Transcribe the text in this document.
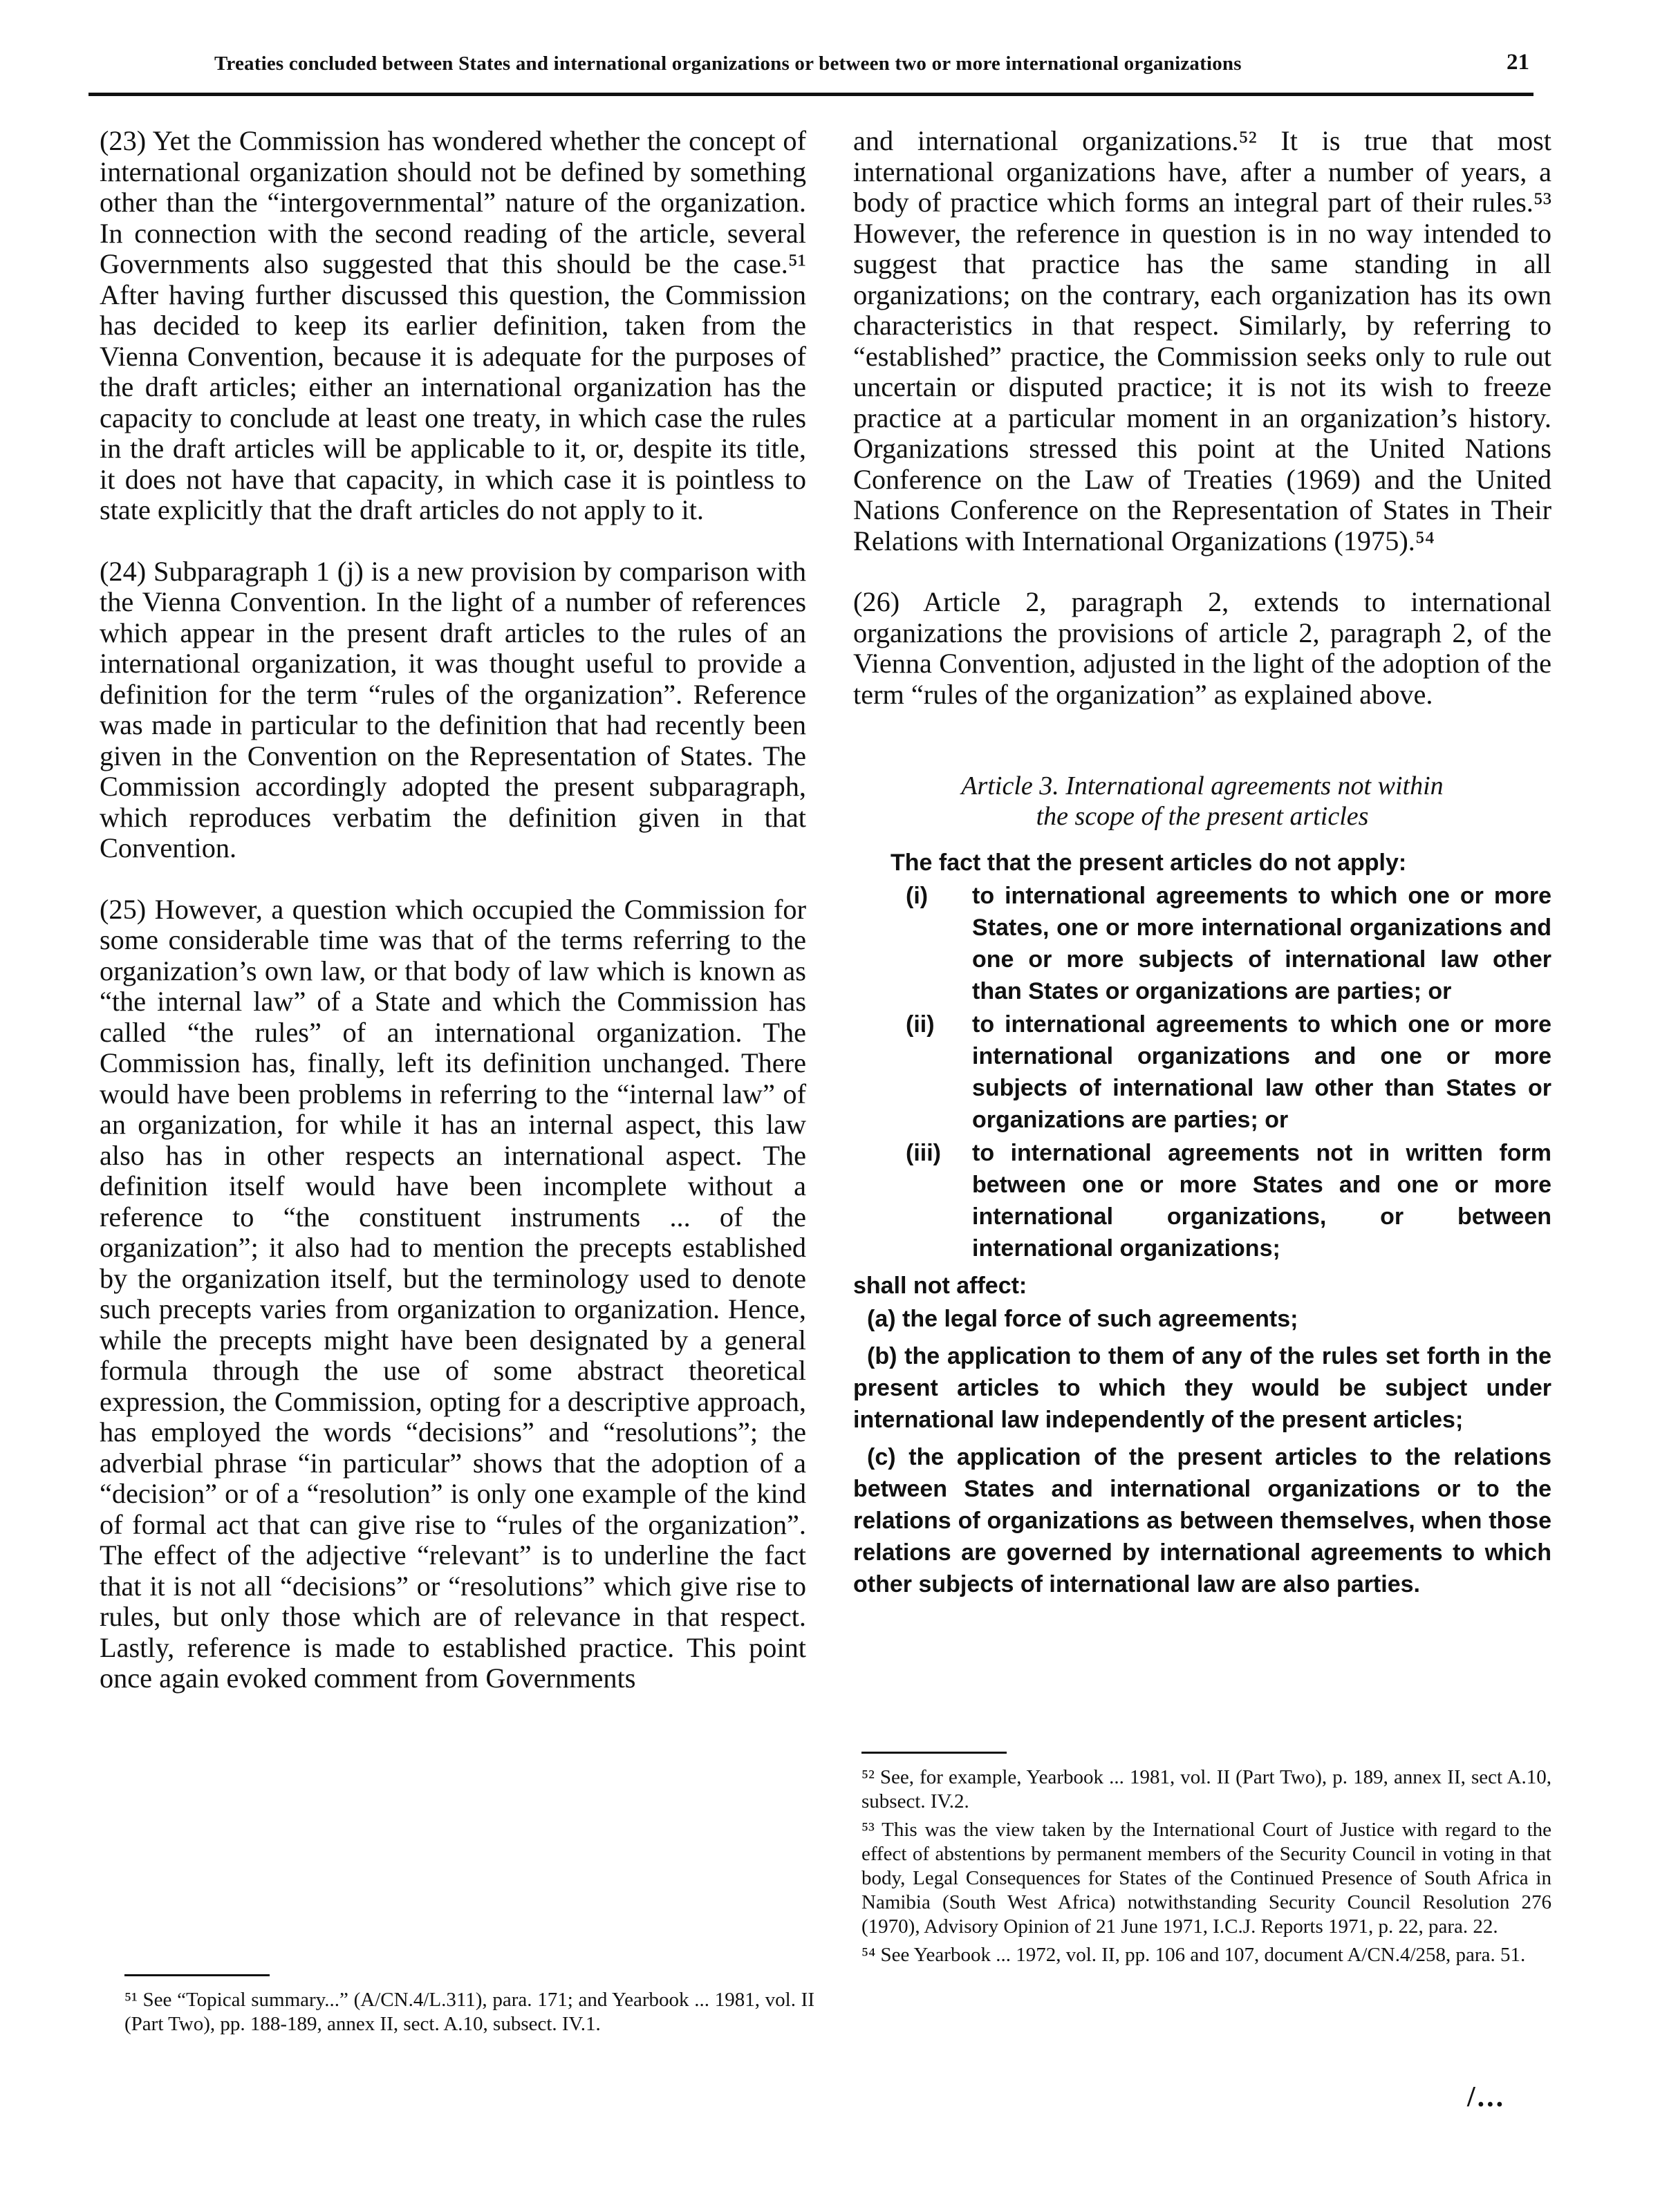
Treaties concluded between States and international organizations or between two or more international organizations	21

(23) Yet the Commission has wondered whether the concept of international organization should not be defined by something other than the “intergovernmental” nature of the organization. In connection with the second reading of the article, several Governments also suggested that this should be the case.⁵¹ After having further discussed this question, the Commission has decided to keep its earlier definition, taken from the Vienna Convention, because it is adequate for the purposes of the draft articles; either an international organization has the capacity to conclude at least one treaty, in which case the rules in the draft articles will be applicable to it, or, despite its title, it does not have that capacity, in which case it is pointless to state explicitly that the draft articles do not apply to it.

(24) Subparagraph 1 (j) is a new provision by comparison with the Vienna Convention. In the light of a number of references which appear in the present draft articles to the rules of an international organization, it was thought useful to provide a definition for the term “rules of the organization”. Reference was made in particular to the definition that had recently been given in the Convention on the Representation of States. The Commission accordingly adopted the present subparagraph, which reproduces verbatim the definition given in that Convention.

(25) However, a question which occupied the Commission for some considerable time was that of the terms referring to the organization’s own law, or that body of law which is known as “the internal law” of a State and which the Commission has called “the rules” of an international organization. The Commission has, finally, left its definition unchanged. There would have been problems in referring to the “internal law” of an organization, for while it has an internal aspect, this law also has in other respects an international aspect. The definition itself would have been incomplete without a reference to “the constituent instruments ... of the organization”; it also had to mention the precepts established by the organization itself, but the terminology used to denote such precepts varies from organization to organization. Hence, while the precepts might have been designated by a general formula through the use of some abstract theoretical expression, the Commission, opting for a descriptive approach, has employed the words “decisions” and “resolutions”; the adverbial phrase “in particular” shows that the adoption of a “decision” or of a “resolution” is only one example of the kind of formal act that can give rise to “rules of the organization”. The effect of the adjective “relevant” is to underline the fact that it is not all “decisions” or “resolutions” which give rise to rules, but only those which are of relevance in that respect. Lastly, reference is made to established practice. This point once again evoked comment from Governments

⁵¹ See “Topical summary...” (A/CN.4/L.311), para. 171; and Yearbook ... 1981, vol. II (Part Two), pp. 188-189, annex II, sect. A.10, subsect. IV.1.

and international organizations.⁵² It is true that most international organizations have, after a number of years, a body of practice which forms an integral part of their rules.⁵³ However, the reference in question is in no way intended to suggest that practice has the same standing in all organizations; on the contrary, each organization has its own characteristics in that respect. Similarly, by referring to “established” practice, the Commission seeks only to rule out uncertain or disputed practice; it is not its wish to freeze practice at a particular moment in an organization’s history. Organizations stressed this point at the United Nations Conference on the Law of Treaties (1969) and the United Nations Conference on the Representation of States in Their Relations with International Organizations (1975).⁵⁴

(26) Article 2, paragraph 2, extends to international organizations the provisions of article 2, paragraph 2, of the Vienna Convention, adjusted in the light of the adoption of the term “rules of the organization” as explained above.

Article 3. International agreements not within
the scope of the present articles
The fact that the present articles do not apply:
(i)	to international agreements to which one or more States, one or more international organizations and one or more subjects of international law other than States or organizations are parties; or
(ii)	to international agreements to which one or more international organizations and one or more subjects of international law other than States or organizations are parties; or
(iii)	to international agreements not in written form between one or more States and one or more international organizations, or between international organizations;
shall not affect:
(a) the legal force of such agreements;
(b) the application to them of any of the rules set forth in the present articles to which they would be subject under international law independently of the present articles;
(c) the application of the present articles to the relations between States and international organizations or to the relations of organizations as between themselves, when those relations are governed by international agreements to which other subjects of international law are also parties.

⁵² See, for example, Yearbook ... 1981, vol. II (Part Two), p. 189, annex II, sect A.10, subsect. IV.2.

⁵³ This was the view taken by the International Court of Justice with regard to the effect of abstentions by permanent members of the Security Council in voting in that body, Legal Consequences for States of the Continued Presence of South Africa in Namibia (South West Africa) notwithstanding Security Council Resolution 276 (1970), Advisory Opinion of 21 June 1971, I.C.J. Reports 1971, p. 22, para. 22.

⁵⁴ See Yearbook ... 1972, vol. II, pp. 106 and 107, document A/CN.4/258, para. 51.

/...
